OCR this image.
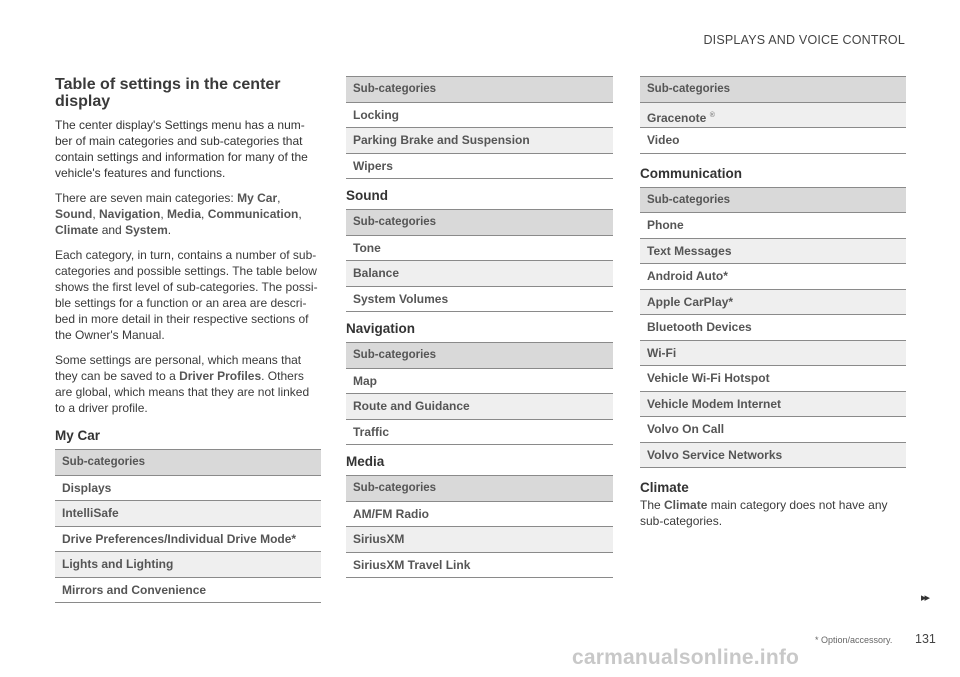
DISPLAYS AND VOICE CONTROL
Table of settings in the center
display

The center display's Settings menu has a num-ber of main categories and sub-categories that contain settings and information for many of the vehicle's features and functions.

There are seven main categories: My Car, Sound, Navigation, Media, Communication, Climate and System.

Each category, in turn, contains a number of sub-categories and possible settings. The table below shows the first level of sub-categories. The possi-ble settings for a function or an area are descri-bed in more detail in their respective sections of the Owner's Manual.

Some settings are personal, which means that they can be saved to a Driver Profiles. Others are global, which means that they are not linked to a driver profile.

My Car
Sub-categories
Displays
IntelliSafe
Drive Preferences/Individual Drive Mode*
Lights and Lighting
Mirrors and Convenience
Sub-categories
Locking
Parking Brake and Suspension
Wipers
Sound
Sub-categories
Tone
Balance
System Volumes
Navigation
Sub-categories
Map
Route and Guidance
Traffic
Media
Sub-categories
AM/FM Radio
SiriusXM
SiriusXM Travel Link
Sub-categories
Gracenote ®
Video
Communication
Sub-categories
Phone
Text Messages
Android Auto*
Apple CarPlay*
Bluetooth Devices
Wi-Fi
Vehicle Wi-Fi Hotspot
Vehicle Modem Internet
Volvo On Call
Volvo Service Networks
Climate

The Climate main category does not have any sub-categories.

▸▸
* Option/accessory. 131
carmanualsonline.info
